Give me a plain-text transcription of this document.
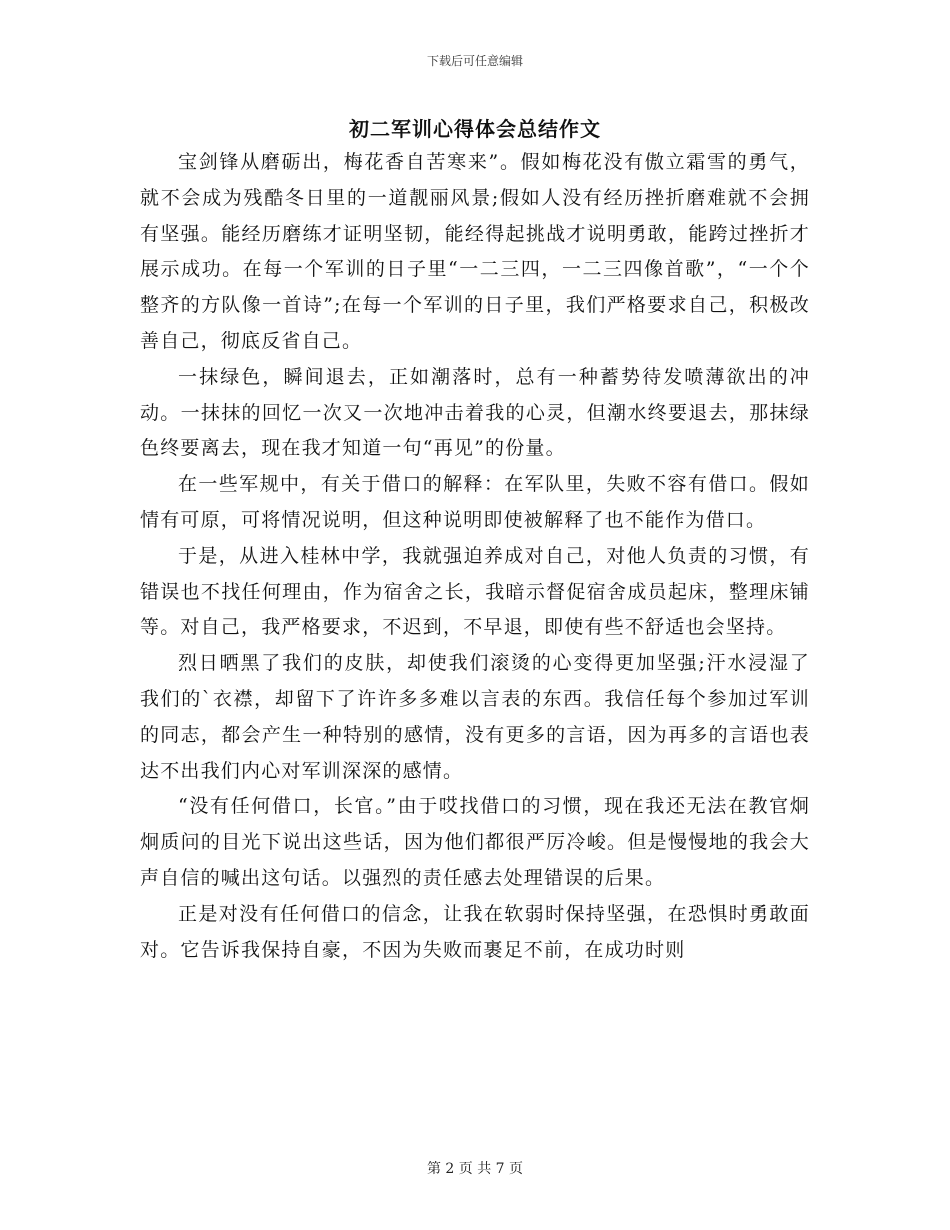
下载后可任意编辑
初二军训心得体会总结作文

宝剑锋从磨砺出，梅花香自苦寒来”。假如梅花没有傲立霜雪的勇气，就不会成为残酷冬日里的一道靓丽风景;假如人没有经历挫折磨难就不会拥有坚强。能经历磨练才证明坚韧，能经得起挑战才说明勇敢，能跨过挫折才展示成功。在每一个军训的日子里“一二三四，一二三四像首歌”，“一个个整齐的方队像一首诗”;在每一个军训的日子里，我们严格要求自己，积极改善自己，彻底反省自己。

一抹绿色，瞬间退去，正如潮落时，总有一种蓄势待发喷薄欲出的冲动。一抹抹的回忆一次又一次地冲击着我的心灵，但潮水终要退去，那抹绿色终要离去，现在我才知道一句“再见”的份量。

在一些军规中，有关于借口的解释：在军队里，失败不容有借口。假如情有可原，可将情况说明，但这种说明即使被解释了也不能作为借口。

于是，从进入桂林中学，我就强迫养成对自己，对他人负责的习惯，有错误也不找任何理由，作为宿舍之长，我暗示督促宿舍成员起床，整理床铺等。对自己，我严格要求，不迟到，不早退，即使有些不舒适也会坚持。

烈日晒黑了我们的皮肤，却使我们滚烫的心变得更加坚强;汗水浸湿了我们的`衣襟，却留下了许许多多难以言表的东西。我信任每个参加过军训的同志，都会产生一种特别的感情，没有更多的言语，因为再多的言语也表达不出我们内心对军训深深的感情。

“没有任何借口，长官。”由于哎找借口的习惯，现在我还无法在教官炯炯质问的目光下说出这些话，因为他们都很严厉冷峻。但是慢慢地的我会大声自信的喊出这句话。以强烈的责任感去处理错误的后果。

正是对没有任何借口的信念，让我在软弱时保持坚强，在恐惧时勇敢面对。它告诉我保持自豪，不因为失败而裹足不前，在成功时则

第 2 页 共 7 页
